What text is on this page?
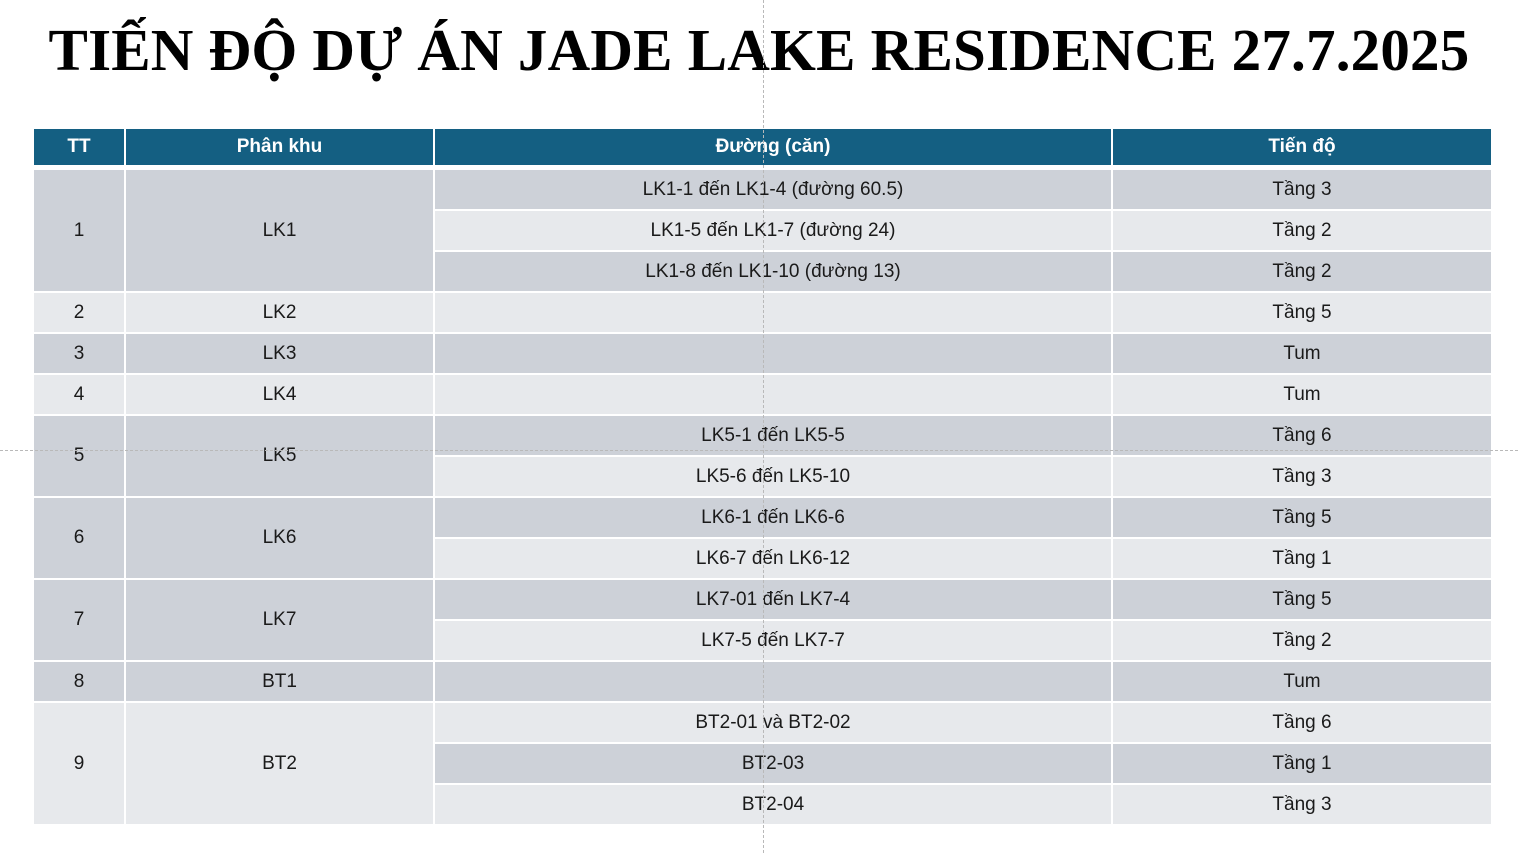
TIẾN ĐỘ DỰ ÁN JADE LAKE RESIDENCE 27.7.2025
TT	Phân khu	Đường (căn)	Tiến độ
1	LK1	LK1-1 đến LK1-4 (đường 60.5)	Tầng 3
		LK1-5 đến LK1-7 (đường 24)	Tầng 2
		LK1-8 đến LK1-10 (đường 13)	Tầng 2
2	LK2		Tầng 5
3	LK3		Tum
4	LK4		Tum
5	LK5	LK5-1 đến LK5-5	Tầng 6
		LK5-6 đến LK5-10	Tầng 3
6	LK6	LK6-1 đến LK6-6	Tầng 5
		LK6-7 đến LK6-12	Tầng 1
7	LK7	LK7-01 đến LK7-4	Tầng 5
		LK7-5 đến LK7-7	Tầng 2
8	BT1		Tum
9	BT2	BT2-01 và BT2-02	Tầng 6
		BT2-03	Tầng 1
		BT2-04	Tầng 3
